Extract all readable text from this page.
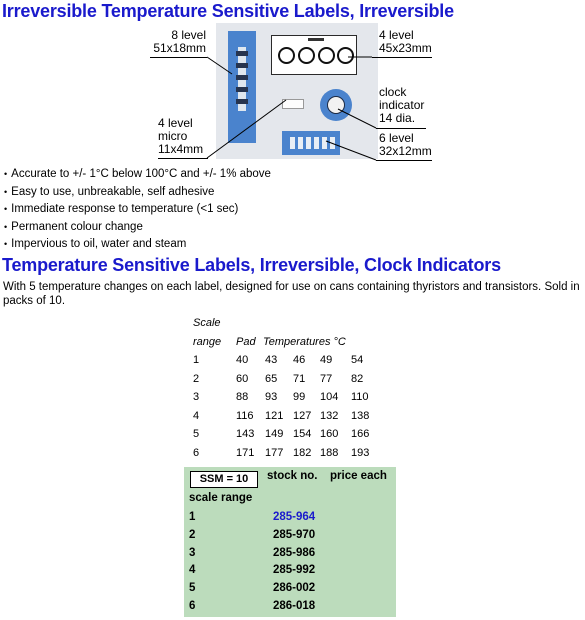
Irreversible Temperature Sensitive Labels, Irreversible
8 level
51x18mm
4 level
45x23mm
clock
indicator
14 dia.
4 level
micro
11x4mm
6 level
32x12mm
• Accurate to +/- 1°C below 100°C and +/- 1% above
• Easy to use, unbreakable, self adhesive
• Immediate response to temperature (<1 sec)
• Permanent colour change
• Impervious to oil, water and steam
Temperature Sensitive Labels, Irreversible, Clock Indicators
With 5 temperature changes on each label, designed for use on cans containing thyristors and transistors. Sold in packs of 10.
Scale
range Pad Temperatures °C
1	40 43 46 49 54
2	60 65 71 77 82
3	88 93 99 104 110
4	116 121 127 132 138
5	143 149 154 160 166
6	171 177 182 188 193
SSM = 10	stock no. price each
scale range
1	285-964
2	285-970
3	285-986
4	285-992
5	286-002
6	286-018
